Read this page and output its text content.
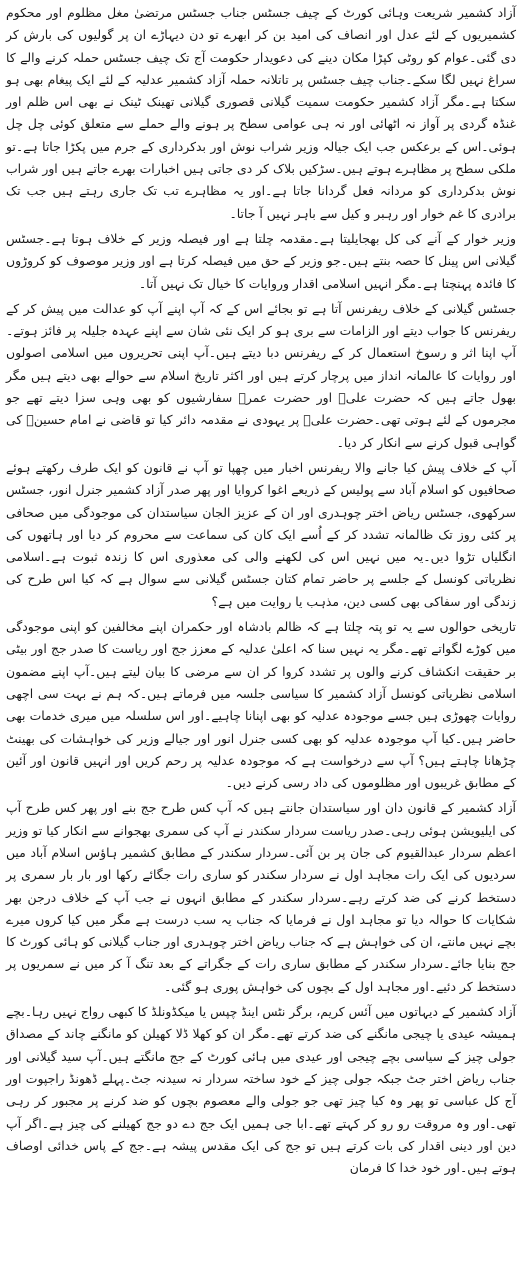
آزاد کشمیر شریعت وہائی کورٹ کے چیف جسٹس جناب جسٹس مرتضیٰ مغل مظلوم اور محکوم کشمیریوں کے لئے عدل اور انصاف کی امید بن کر ابھرے تو دن دیہاڑے ان پر گولیوں کی بارش کر دی گئی۔عوام کو روٹی کپڑا مکان دینے کی دعویدار حکومت آج تک چیف جسٹس حملہ کرنے والے کا سراغ نہیں لگا سکے۔جناب چیف جسٹس پر تاتلانہ حملہ آزاد کشمیر عدلیہ کے لئے ایک پیغام بھی ہو سکتا ہے۔مگر آزاد کشمیر حکومت سمیت گیلانی قصوری گیلانی تھینک ٹینک نے بھی اس ظلم اور غنڈہ گردی پر آواز نہ اٹھائی اور نہ ہی عوامی سطح پر ہونے والے حملے سے متعلق کوئی چل چل ہوئی۔اس کے برعکس جب ایک جیالہ وزیر شراب نوش اور بدکرداری کے جرم میں پکڑا جاتا ہے۔تو ملکی سطح پر مظاہرے ہوتے ہیں۔سڑکیں بلاک کر دی جاتی ہیں اخبارات بھرے جاتے ہیں اور شراب نوش بدکرداری کو مردانہ فعل گردانا جاتا ہے۔اور یہ مظاہرے تب تک جاری رہتے ہیں جب تک برادری کا غم خوار اور رہبر و کیل سے باہر نہیں آ جاتا۔

وزیر خوار کے آنے کی کل بھجایلیتا ہے۔مقدمہ چلتا ہے اور فیصلہ وزیر کے خلاف ہوتا ہے۔جسٹس گیلانی اس پینل کا حصہ بنتے ہیں۔جو وزیر کے حق میں فیصلہ کرتا ہے اور وزیر موصوف کو کروڑوں کا فائدہ پہنچتا ہے۔مگر انہیں اسلامی اقدار وروایات کا خیال تک نہیں آتا۔

جسٹس گیلانی کے خلاف ریفرنس آتا ہے تو بجائے اس کے کہ آپ اپنے آپ کو عدالت میں پیش کر کے ریفرنس کا جواب دیتے اور الزامات سے بری ہو کر ایک نئی شان سے اپنے عہدہ جلیلہ پر فائز ہوتے۔آپ اپنا اثر و رسوخ استعمال کر کے ریفرنس دبا دیتے ہیں۔آپ اپنی تحریروں میں اسلامی اصولوں اور روایات کا عالمانہ انداز میں پرچار کرتے ہیں اور اکثر تاریخ اسلام سے حوالے بھی دیتے ہیں مگر بھول جاتے ہیں کہ حضرت علیؓ اور حضرت عمرؓ سفارشیوں کو بھی وہی سزا دیتے تھے جو مجرموں کے لئے ہوتی تھی۔حضرت علیؓ پر یہودی نے مقدمہ دائر کیا تو قاضی نے امام حسینؓ کی گواہی قبول کرنے سے انکار کر دیا۔

آپ کے خلاف پیش کیا جانے والا ریفرنس اخبار میں چھپا تو آپ نے قانون کو ایک طرف رکھتے ہوئے صحافیوں کو اسلام آباد سے پولیس کے ذریعے اغوا کروایا اور پھر صدر آزاد کشمیر جنرل انور، جسٹس سرکھوی، جسٹس ریاض اختر چوہدری اور ان کے عزیز الجان سیاستدان کی موجودگی میں صحافی پر کئی روز تک ظالمانہ تشدد کر کے اُسے ایک کان کی سماعت سے محروم کر دیا اور ہاتھوں کی انگلیاں تڑوا دیں۔یہ میں نہیں اس کی لکھنے والی کی معذوری اس کا زندہ ثبوت ہے۔اسلامی نظریاتی کونسل کے جلسے پر حاضر تمام کتان جسٹس گیلانی سے سوال ہے کہ کیا اس طرح کی زندگی اور سفاکی بھی کسی دین، مذہب یا روایت میں ہے؟

تاریخی حوالوں سے یہ تو پتہ چلتا ہے کہ ظالم بادشاہ اور حکمران اپنے مخالفین کو اپنی موجودگی میں کوڑے لگواتے تھے۔مگر یہ نہیں سنا کہ اعلیٰ عدلیہ کے معزز جج اور ریاست کا صدر جج اور بیٹی بر حقیقت انکشاف کرنے والوں پر تشدد کروا کر ان سے مرضی کا بیان لیتے ہیں۔آپ اپنے مضمون اسلامی نظریاتی کونسل آزاد کشمیر کا سیاسی جلسہ میں فرماتے ہیں۔کہ ہم نے بہت سی اچھی روایات چھوڑی ہیں جسے موجودہ عدلیہ کو بھی اپنانا چاہیے۔اور اس سلسلہ میں میری خدمات بھی حاضر ہیں۔کیا آپ موجودہ عدلیہ کو بھی کسی جنرل انور اور جیالے وزیر کی خواہشات کی بھینٹ چڑھانا چاہتے ہیں؟ آپ سے درخواست ہے کہ موجودہ عدلیہ پر رحم کریں اور انہیں قانون اور آئین کے مطابق غریبوں اور مظلوموں کی داد رسی کرنے دیں۔

آزاد کشمیر کے قانون دان اور سیاستدان جانتے ہیں کہ آپ کس طرح جج بنے اور پھر کس طرح آپ کی ایلیویشن ہوئی رہی۔صدر ریاست سردار سکندر نے آپ کی سمری بھجوانے سے انکار کیا تو وزیر اعظم سردار عبدالقیوم کی جان پر بن آئی۔سردار سکندر کے مطابق کشمیر ہاؤس اسلام آباد میں سردیوں کی ایک رات مجاہد اول نے سردار سکندر کو ساری رات جگائے رکھا اور بار بار سمری پر دستخط کرنے کی ضد کرتے رہے۔سردار سکندر کے مطابق انہوں نے جب آپ کے خلاف درجن بھر شکایات کا حوالہ دیا تو مجاہد اول نے فرمایا کہ جناب یہ سب درست ہے مگر میں کیا کروں میرے بچے نہیں مانتے، ان کی خواہش ہے کہ جناب ریاض اختر چوہدری اور جناب گیلانی کو ہائی کورٹ کا جج بنایا جائے۔سردار سکندر کے مطابق ساری رات کے جگراتے کے بعد تنگ آ کر میں نے سمریوں پر دستخط کر دئیے۔اور مجاہد اول کے بچوں کی خواہش پوری ہو گئی۔

آزاد کشمیر کے دیہاتوں میں آئس کریم، برگر نٹس اینڈ چپس یا میکڈونلڈ کا کبھی رواج نہیں رہا۔بچے ہمیشہ عیدی یا چیجی مانگنے کی ضد کرتے تھے۔مگر ان کو کھلا ڈلا کھیلن کو مانگنے چاند کے مصداق جولی چیز کے سیاسی بچے چیجی اور عیدی میں ہائی کورٹ کے جج مانگتے ہیں۔آپ سید گیلانی اور جناب ریاض اختر جٹ جبکہ جولی چیز کے خود ساختہ سردار نہ سیدنہ جٹ۔پہلے ڈھونڈ راجپوت اور آج کل عباسی تو پھر وہ کیا چیز تھی جو جولی والے معصوم بچوں کو ضد کرنے پر مجبور کر رہی تھی۔اور وہ مروقت رو رو کر کہتے تھے۔ابا جی ہمیں ایک جج دے دو جج کھیلنے کی چیز ہے۔اگر آپ دین اور دینی اقدار کی بات کرتے ہیں تو جج کی ایک مقدس پیشہ ہے۔جج کے پاس خدائی اوصاف ہوتے ہیں۔اور خود خدا کا فرمان
